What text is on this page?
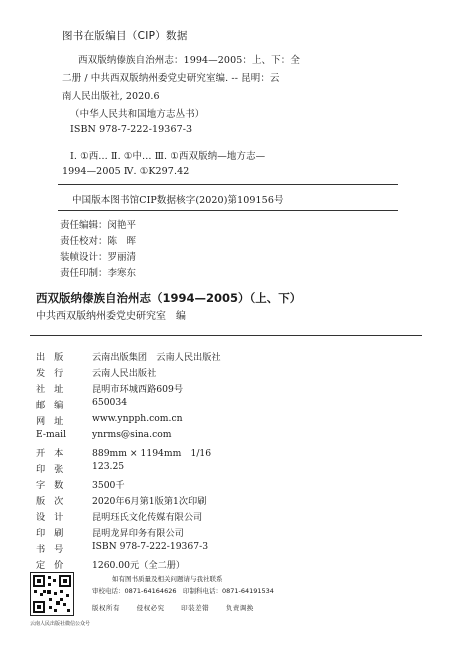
图书在版编目（CIP）数据
西双版纳傣族自治州志：1994—2005：上、下：全
二册 / 中共西双版纳州委党史研究室编. -- 昆明：云
南人民出版社, 2020.6
（中华人民共和国地方志丛书）
ISBN 978-7-222-19367-3
Ⅰ. ①西… Ⅱ. ①中… Ⅲ. ①西双版纳—地方志—
1994—2005 Ⅳ. ①K297.42
中国版本图书馆CIP数据核字(2020)第109156号
责任编辑：闵艳平
责任校对：陈　晖
装帧设计：罗丽清
责任印制：李寒东
西双版纳傣族自治州志（1994—2005）（上、下）
中共西双版纳州委党史研究室　编
出版	云南出版集团　云南人民出版社
发行	云南人民出版社
社址	昆明市环城西路609号
邮编	650034
网址	www.ynpph.com.cn
E-mail	ynrms@sina.com
开本	889mm × 1194mm　1/16
印张	123.25
字数	3500千
版次	2020年6月第1版第1次印刷
设计	昆明珏氏文化传媒有限公司
印刷	昆明龙昇印务有限公司
书号	ISBN 978-7-222-19367-3
定价	1260.00元（全二册）
云南人民出版社微信公众号
如有图书质量及相关问题请与我社联系
审校电话：0871-64164626　印制科电话：0871-64191534
版权所有	侵权必究	印装差错	负责调换
